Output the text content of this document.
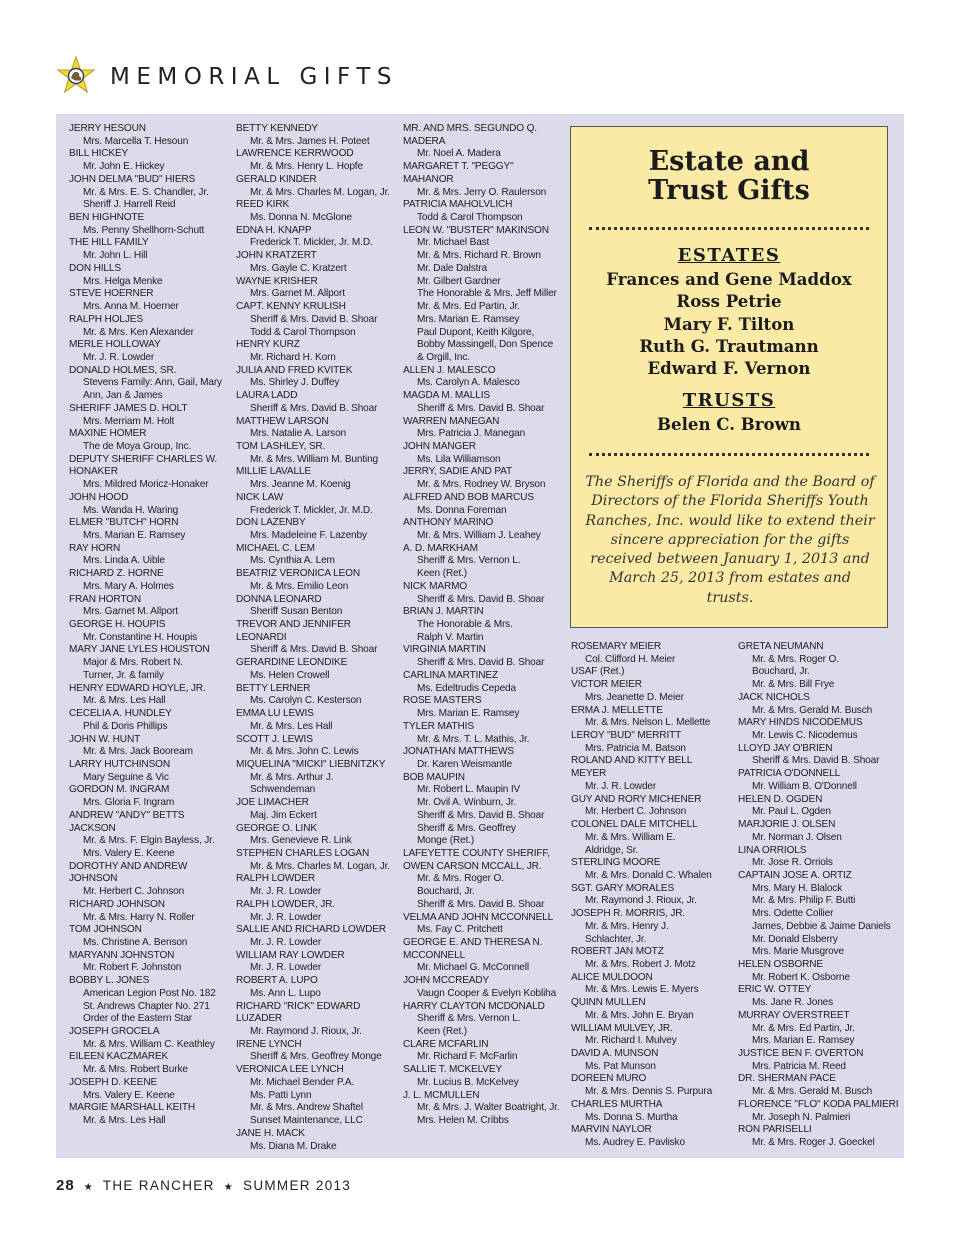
MEMORIAL GIFTS
JERRY HESOUN
Mrs. Marcella T. Hesoun
BILL HICKEY
Mr. John E. Hickey
JOHN DELMA "BUD" HIERS
Mr. & Mrs. E. S. Chandler, Jr.
Sheriff J. Harrell Reid
BEN HIGHNOTE
Ms. Penny Shellhorn-Schutt
THE HILL FAMILY
Mr. John L. Hill
DON HILLS
Mrs. Helga Menke
STEVE HOERNER
Mrs. Anna M. Hoerner
RALPH HOLJES
Mr. & Mrs. Ken Alexander
MERLE HOLLOWAY
Mr. J. R. Lowder
DONALD HOLMES, SR.
Stevens Family: Ann, Gail, Mary
Ann, Jan & James
SHERIFF JAMES D. HOLT
Mrs. Merriam M. Holt
MAXINE HOMER
The de Moya Group, Inc.
DEPUTY SHERIFF CHARLES W.
HONAKER
Mrs. Mildred Moricz-Honaker
JOHN HOOD
Ms. Wanda H. Waring
ELMER "BUTCH" HORN
Mrs. Marian E. Ramsey
RAY HORN
Mrs. Linda A. Uible
RICHARD Z. HORNE
Mrs. Mary A. Holmes
FRAN HORTON
Mrs. Garnet M. Allport
GEORGE H. HOUPIS
Mr. Constantine H. Houpis
MARY JANE LYLES HOUSTON
Major & Mrs. Robert N.
Turner, Jr. & family
HENRY EDWARD HOYLE, JR.
Mr. & Mrs. Les Hall
CECELIA A. HUNDLEY
Phil & Doris Phillips
JOHN W. HUNT
Mr. & Mrs. Jack Booream
LARRY HUTCHINSON
Mary Seguine & Vic
GORDON M. INGRAM
Mrs. Gloria F. Ingram
ANDREW "ANDY" BETTS
JACKSON
Mr. & Mrs. F. Elgin Bayless, Jr.
Mrs. Valery E. Keene
DOROTHY AND ANDREW
JOHNSON
Mr. Herbert C. Johnson
RICHARD JOHNSON
Mr. & Mrs. Harry N. Roller
TOM JOHNSON
Ms. Christine A. Benson
MARYANN JOHNSTON
Mr. Robert F. Johnston
BOBBY L. JONES
American Legion Post No. 182
St. Andrews Chapter No. 271
Order of the Eastern Star
JOSEPH GROCELA
Mr. & Mrs. William C. Keathley
EILEEN KACZMAREK
Mr. & Mrs. Robert Burke
JOSEPH D. KEENE
Mrs. Valery E. Keene
MARGIE MARSHALL KEITH
Mr. & Mrs. Les Hall
BETTY KENNEDY
Mr. & Mrs. James H. Poteet
LAWRENCE KERRWOOD
Mr. & Mrs. Henry L. Hopfe
GERALD KINDER
Mr. & Mrs. Charles M. Logan, Jr.
REED KIRK
Ms. Donna N. McGlone
EDNA H. KNAPP
Frederick T. Mickler, Jr. M.D.
JOHN KRATZERT
Mrs. Gayle C. Kratzert
WAYNE KRISHER
Mrs. Garnet M. Allport
CAPT. KENNY KRULISH
Sheriff & Mrs. David B. Shoar
Todd & Carol Thompson
HENRY KURZ
Mr. Richard H. Korn
JULIA AND FRED KVITEK
Ms. Shirley J. Duffey
LAURA LADD
Sheriff & Mrs. David B. Shoar
MATTHEW LARSON
Mrs. Natalie A. Larson
TOM LASHLEY, SR.
Mr. & Mrs. William M. Bunting
MILLIE LAVALLE
Mrs. Jeanne M. Koenig
NICK LAW
Frederick T. Mickler, Jr. M.D.
DON LAZENBY
Mrs. Madeleine F. Lazenby
MICHAEL C. LEM
Ms. Cynthia A. Lem
BEATRIZ VERONICA LEON
Mr. & Mrs. Emilio Leon
DONNA LEONARD
Sheriff Susan Benton
TREVOR AND JENNIFER
LEONARDI
Sheriff & Mrs. David B. Shoar
GERARDINE LEONDIKE
Ms. Helen Crowell
BETTY LERNER
Ms. Carolyn C. Kesterson
EMMA LU LEWIS
Mr. & Mrs. Les Hall
SCOTT J. LEWIS
Mr. & Mrs. John C. Lewis
MIQUELINA "MICKI" LIEBNITZKY
Mr. & Mrs. Arthur J.
Schwendeman
JOE LIMACHER
Maj. Jim Eckert
GEORGE O. LINK
Mrs. Genevieve R. Link
STEPHEN CHARLES LOGAN
Mr. & Mrs. Charles M. Logan, Jr.
RALPH LOWDER
Mr. J. R. Lowder
RALPH LOWDER, JR.
Mr. J. R. Lowder
SALLIE AND RICHARD LOWDER
Mr. J. R. Lowder
WILLIAM RAY LOWDER
Mr. J. R. Lowder
ROBERT A. LUPO
Ms. Ann L. Lupo
RICHARD "RICK" EDWARD
LUZADER
Mr. Raymond J. Rioux, Jr.
IRENE LYNCH
Sheriff & Mrs. Geoffrey Monge
VERONICA LEE LYNCH
Mr. Michael Bender P.A.
Ms. Patti Lynn
Mr. & Mrs. Andrew Shaftel
Sunset Maintenance, LLC
JANE H. MACK
Ms. Diana M. Drake
MR. AND MRS. SEGUNDO Q.
MADERA
Mr. Noel A. Madera
MARGARET T. "PEGGY"
MAHANOR
Mr. & Mrs. Jerry O. Raulerson
PATRICIA MAHOLVLICH
Todd & Carol Thompson
LEON W. "BUSTER" MAKINSON
Mr. Michael Bast
Mr. & Mrs. Richard R. Brown
Mr. Dale Dalstra
Mr. Gilbert Gardner
The Honorable & Mrs. Jeff Miller
Mr. & Mrs. Ed Partin, Jr.
Mrs. Marian E. Ramsey
Paul Dupont, Keith Kilgore,
Bobby Massingell, Don Spence
& Orgill, Inc.
ALLEN J. MALESCO
Ms. Carolyn A. Malesco
MAGDA M. MALLIS
Sheriff & Mrs. David B. Shoar
WARREN MANEGAN
Mrs. Patricia J. Manegan
JOHN MANGER
Ms. Lila Williamson
JERRY, SADIE AND PAT
Mr. & Mrs. Rodney W. Bryson
ALFRED AND BOB MARCUS
Ms. Donna Foreman
ANTHONY MARINO
Mr. & Mrs. William J. Leahey
A. D. MARKHAM
Sheriff & Mrs. Vernon L.
Keen (Ret.)
NICK MARMO
Sheriff & Mrs. David B. Shoar
BRIAN J. MARTIN
The Honorable & Mrs.
Ralph V. Martin
VIRGINIA MARTIN
Sheriff & Mrs. David B. Shoar
CARLINA MARTINEZ
Ms. Edeltrudis Cepeda
ROSE MASTERS
Mrs. Marian E. Ramsey
TYLER MATHIS
Mr. & Mrs. T. L. Mathis, Jr.
JONATHAN MATTHEWS
Dr. Karen Weismantle
BOB MAUPIN
Mr. Robert L. Maupin IV
Mr. Ovil A. Winburn, Jr.
Sheriff & Mrs. David B. Shoar
Sheriff & Mrs. Geoffrey
Monge (Ret.)
LAFEYETTE COUNTY SHERIFF,
OWEN CARSON MCCALL, JR.
Mr. & Mrs. Roger O.
Bouchard, Jr.
Sheriff & Mrs. David B. Shoar
VELMA AND JOHN MCCONNELL
Ms. Fay C. Pritchett
GEORGE E. AND THERESA N.
MCCONNELL
Mr. Michael G. McConnell
JOHN MCCREADY
Vaugn Cooper & Evelyn Kobliha
HARRY CLAYTON MCDONALD
Sheriff & Mrs. Vernon L.
Keen (Ret.)
CLARE MCFARLIN
Mr. Richard F. McFarlin
SALLIE T. MCKELVEY
Mr. Lucius B. McKelvey
J. L. MCMULLEN
Mr. & Mrs. J. Walter Boatright, Jr.
Mrs. Helen M. Cribbs
ROSEMARY MEIER
Col. Clifford H. Meier
USAF (Ret.)
VICTOR MEIER
Mrs. Jeanette D. Meier
ERMA J. MELLETTE
Mr. & Mrs. Nelson L. Mellette
LEROY "BUD" MERRITT
Mrs. Patricia M. Batson
ROLAND AND KITTY BELL
MEYER
Mr. J. R. Lowder
GUY AND RORY MICHENER
Mr. Herbert C. Johnson
COLONEL DALE MITCHELL
Mr. & Mrs. William E.
Aldridge, Sr.
STERLING MOORE
Mr. & Mrs. Donald C. Whalen
SGT. GARY MORALES
Mr. Raymond J. Rioux, Jr.
JOSEPH R. MORRIS, JR.
Mr. & Mrs. Henry J.
Schlachter, Jr.
ROBERT JAN MOTZ
Mr. & Mrs. Robert J. Motz
ALICE MULDOON
Mr. & Mrs. Lewis E. Myers
QUINN MULLEN
Mr. & Mrs. John E. Bryan
WILLIAM MULVEY, JR.
Mr. Richard I. Mulvey
DAVID A. MUNSON
Ms. Pat Munson
DOREEN MURO
Mr. & Mrs. Dennis S. Purpura
CHARLES MURTHA
Ms. Donna S. Murtha
MARVIN NAYLOR
Ms. Audrey E. Pavlisko
GRETA NEUMANN
Mr. & Mrs. Roger O.
Bouchard, Jr.
Mr. & Mrs. Bill Frye
JACK NICHOLS
Mr. & Mrs. Gerald M. Busch
MARY HINDS NICODEMUS
Mr. Lewis C. Nicodemus
LLOYD JAY O'BRIEN
Sheriff & Mrs. David B. Shoar
PATRICIA O'DONNELL
Mr. William B. O'Donnell
HELEN D. OGDEN
Mr. Paul L. Ogden
MARJORIE J. OLSEN
Mr. Norman J. Olsen
LINA ORRIOLS
Mr. Jose R. Orriols
CAPTAIN JOSE A. ORTIZ
Mrs. Mary H. Blalock
Mr. & Mrs. Philip F. Butti
Mrs. Odette Collier
James, Debbie & Jaime Daniels
Mr. Donald Elsberry
Mrs. Marie Musgrove
HELEN OSBORNE
Mr. Robert K. Osborne
ERIC W. OTTEY
Ms. Jane R. Jones
MURRAY OVERSTREET
Mr. & Mrs. Ed Partin, Jr.
Mrs. Marian E. Ramsey
JUSTICE BEN F. OVERTON
Mrs. Patricia M. Reed
DR. SHERMAN PACE
Mr. & Mrs. Gerald M. Busch
FLORENCE "FLO" KODA PALMIERI
Mr. Joseph N. Palmieri
RON PARISELLI
Mr. & Mrs. Roger J. Goeckel
Estate and
Trust Gifts
ESTATES
Frances and Gene Maddox
Ross Petrie
Mary F. Tilton
Ruth G. Trautmann
Edward F. Vernon
TRUSTS
Belen C. Brown
The Sheriffs of Florida and the Board of Directors of the Florida Sheriffs Youth Ranches, Inc. would like to extend their sincere appreciation for the gifts received between January 1, 2013 and March 25, 2013 from estates and trusts.
28 ★ THE RANCHER ★ SUMMER 2013
